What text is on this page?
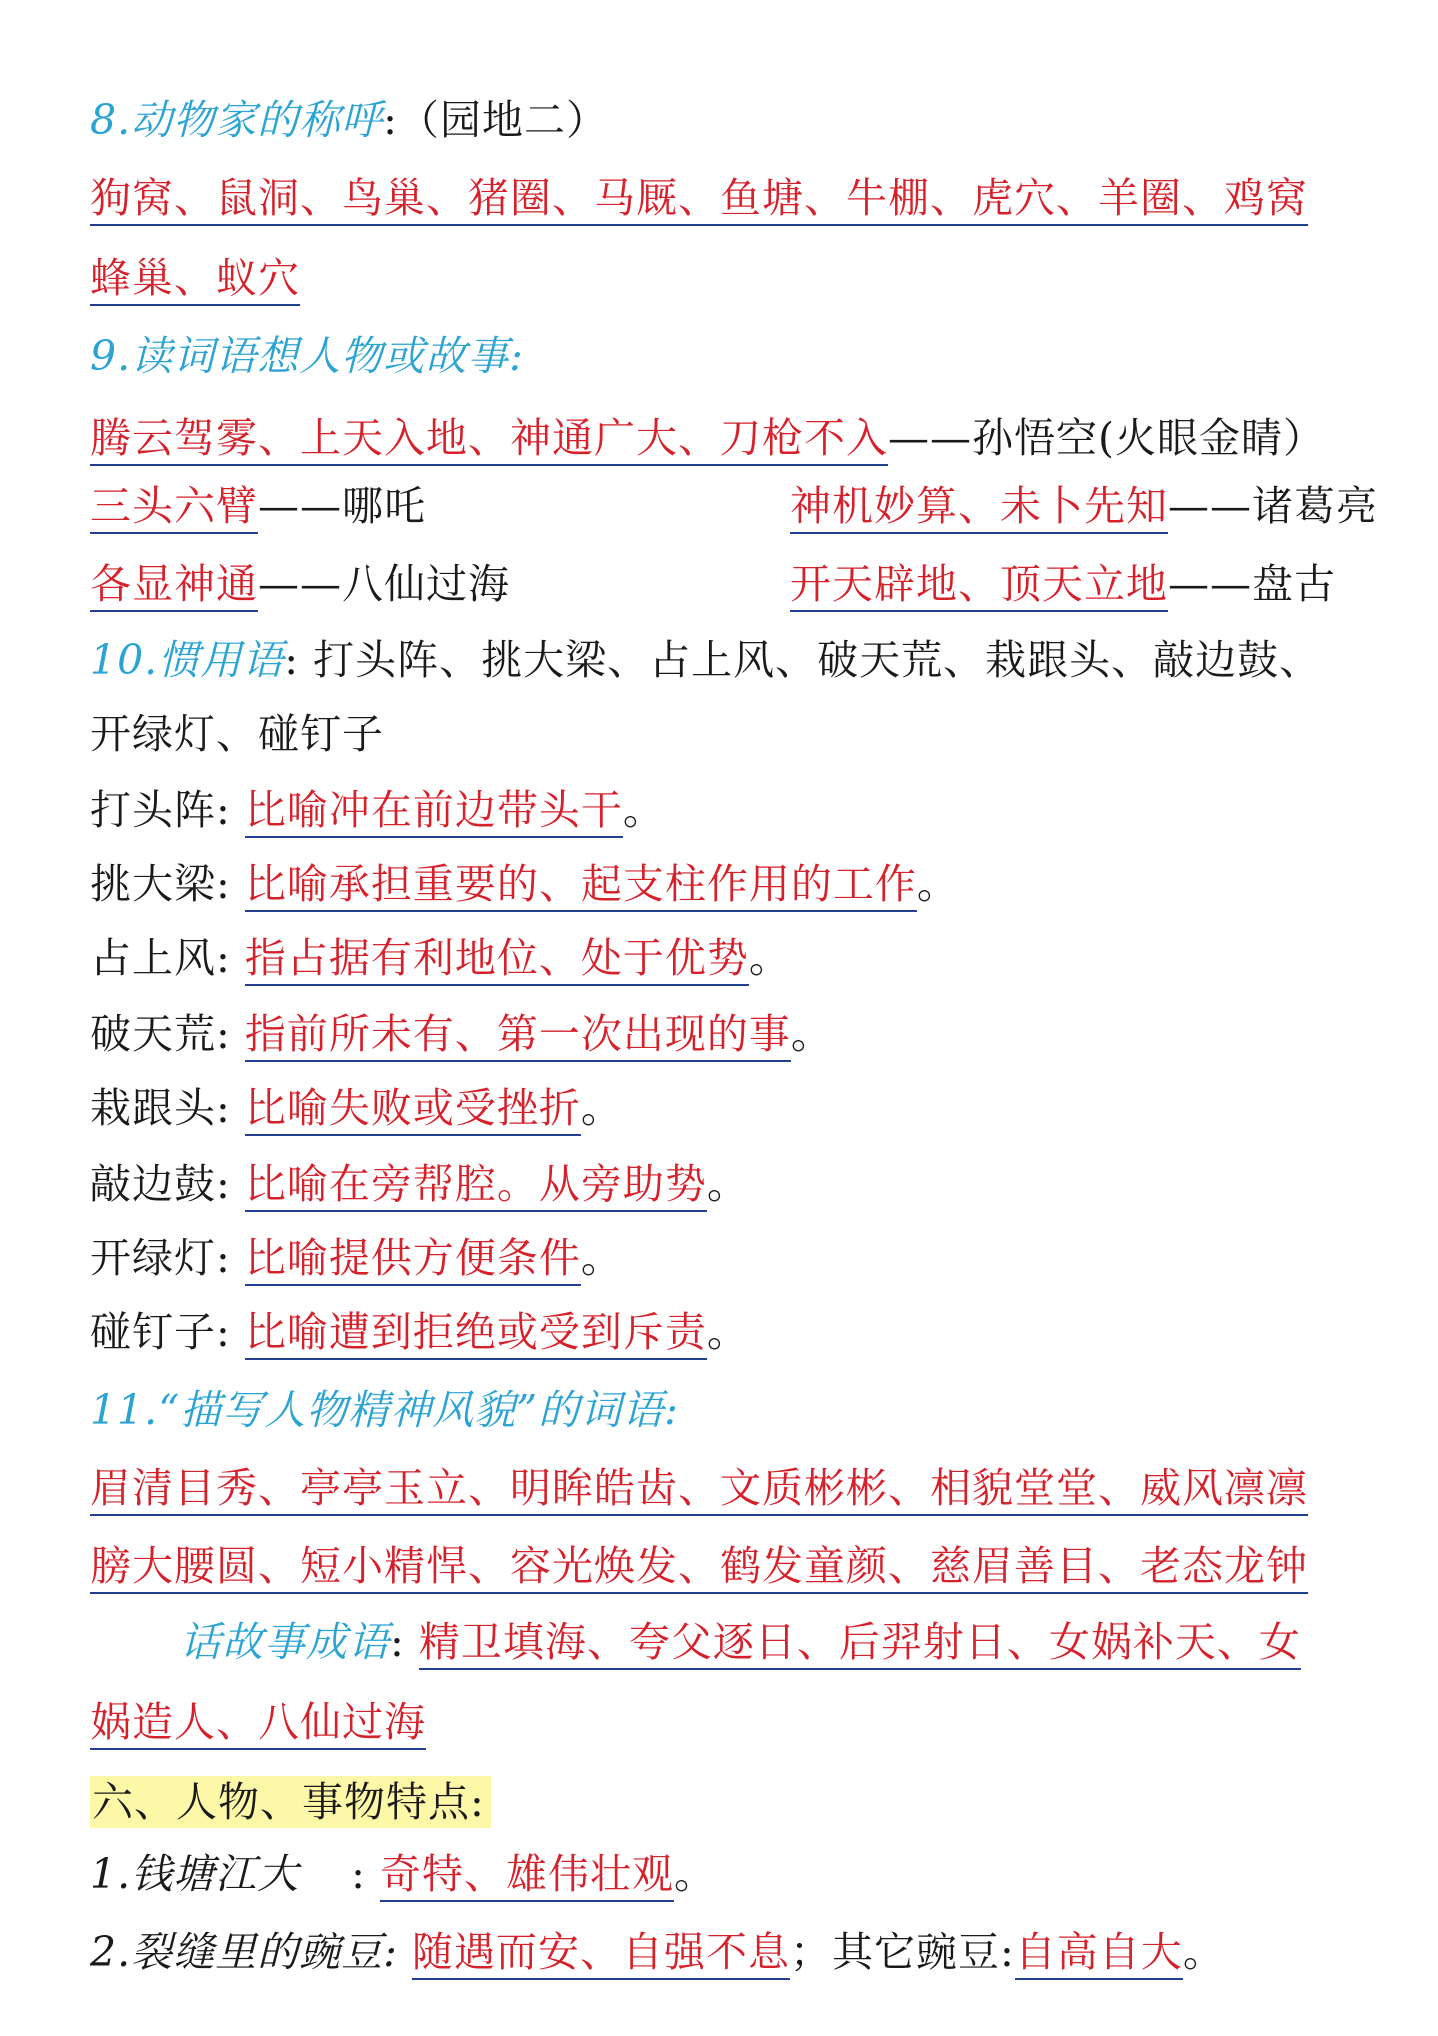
8.动物家的称呼:（园地二）
狗窝、鼠洞、鸟巢、猪圈、马厩、鱼塘、牛棚、虎穴、羊圈、鸡窝
蜂巢、蚁穴
9.读词语想人物或故事:
腾云驾雾、上天入地、神通广大、刀枪不入——孙悟空(火眼金睛）
三头六臂——哪吒	神机妙算、未卜先知——诸葛亮
各显神通——八仙过海	开天辟地、顶天立地——盘古
10.惯用语: 打头阵、挑大梁、占上风、破天荒、栽跟头、敲边鼓、
开绿灯、碰钉子
打头阵: 比喻冲在前边带头干。
挑大梁: 比喻承担重要的、起支柱作用的工作。
占上风: 指占据有利地位、处于优势。
破天荒: 指前所未有、第一次出现的事。
栽跟头: 比喻失败或受挫折。
敲边鼓: 比喻在旁帮腔。从旁助势。
开绿灯: 比喻提供方便条件。
碰钉子: 比喻遭到拒绝或受到斥责。
11.“描写人物精神风貌”的词语:
眉清目秀、亭亭玉立、明眸皓齿、文质彬彬、相貌堂堂、威风凛凛
膀大腰圆、短小精悍、容光焕发、鹤发童颜、慈眉善目、老态龙钟
话故事成语: 精卫填海、夸父逐日、后羿射日、女娲补天、女
娲造人、八仙过海
六、人物、事物特点:
1.钱塘江大 : 奇特、雄伟壮观。
2.裂缝里的豌豆: 随遇而安、自强不息；其它豌豆:自高自大。
